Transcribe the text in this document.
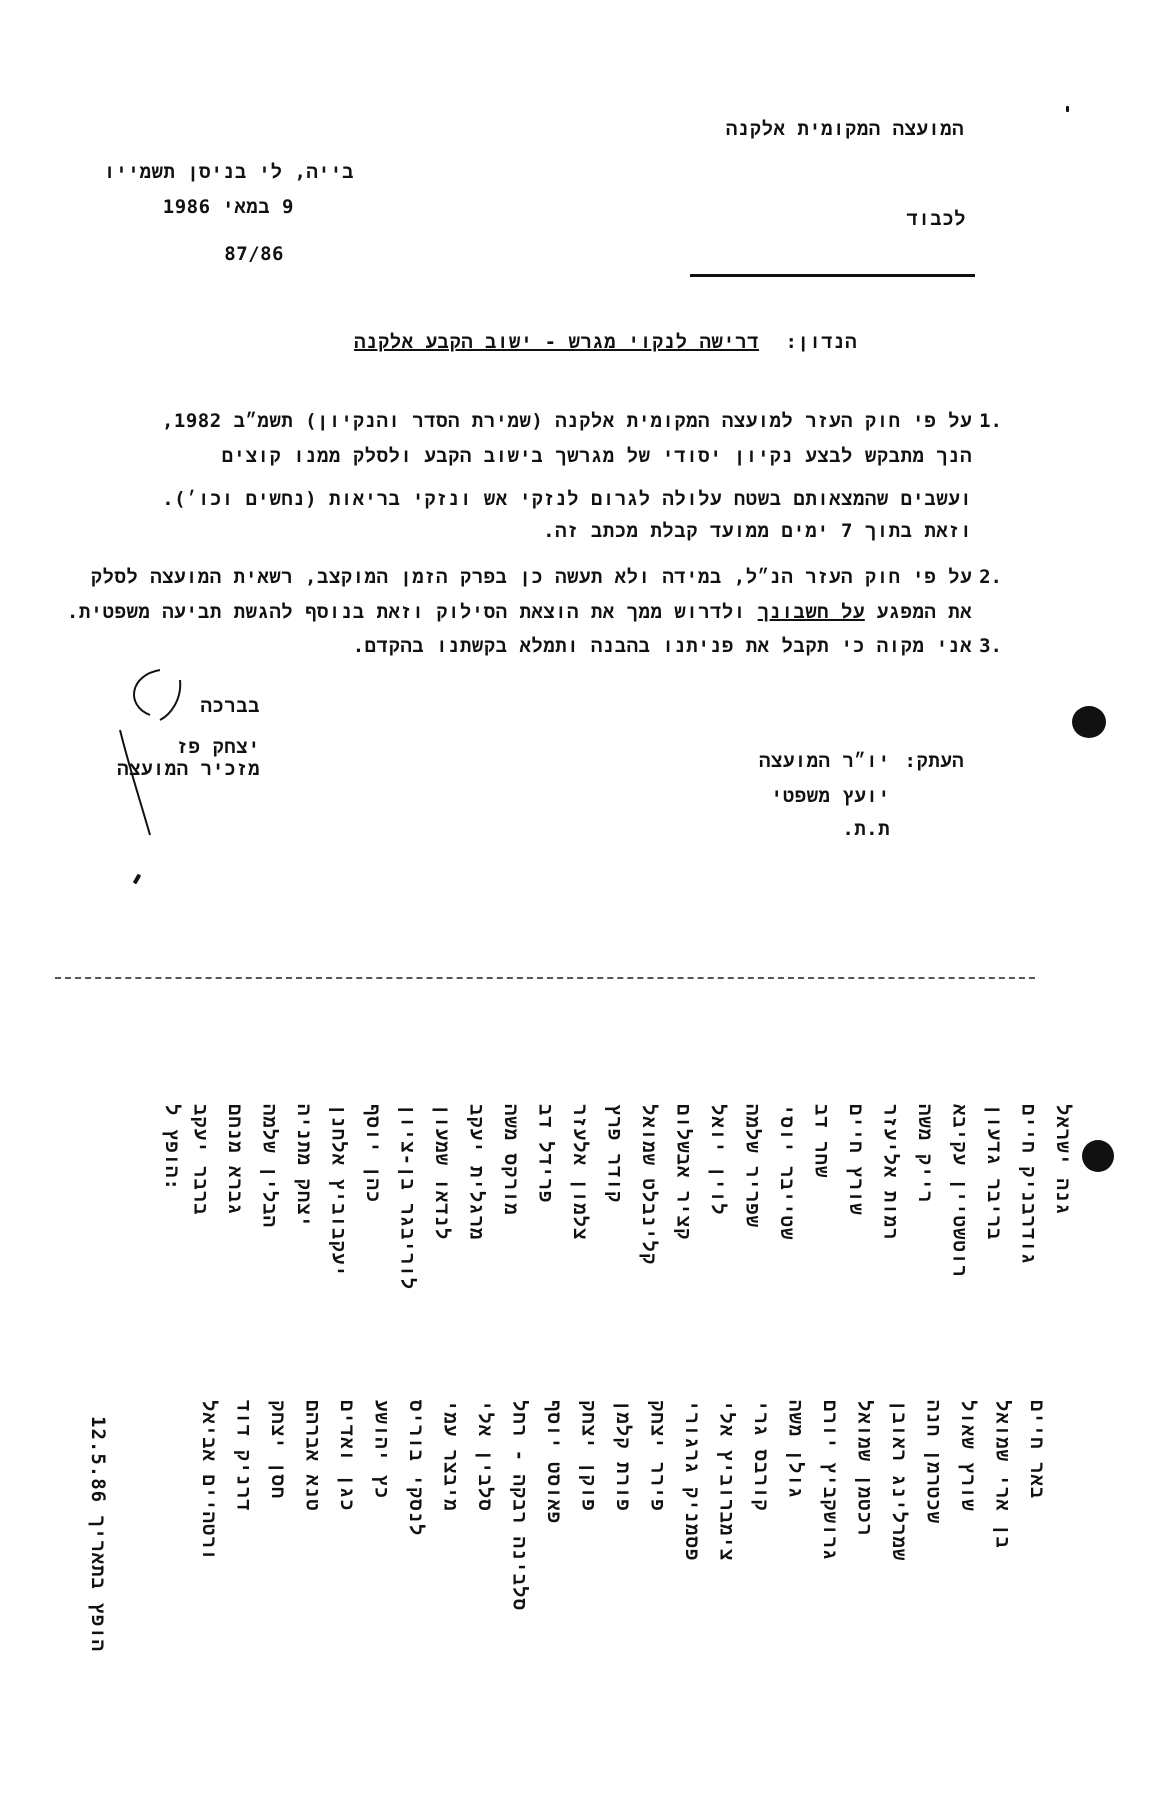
המועצה המקומית אלקנה
בייה, לי בניסן תשמייו
9 במאי 1986
87/86
לכבוד
הנדון:
דרישה לנקוי מגרש - ישוב הקבע אלקנה
1.
על פי חוק העזר למועצה המקומית אלקנה (שמירת הסדר והנקיון) תשמ״ב 1982,
הנך מתבקש לבצע נקיון יסודי של מגרשך בישוב הקבע ולסלק ממנו קוצים
ועשבים שהמצאותם בשטח עלולה לגרום לנזקי אש ונזקי בריאות (נחשים וכו׳).
וזאת בתוך 7 ימים ממועד קבלת מכתב זה.
2.
על פי חוק העזר הנ״ל, במידה ולא תעשה כן בפרק הזמן המוקצב, רשאית המועצה לסלק
את המפגע על חשבונך ולדרוש ממך את הוצאת הסילוק וזאת בנוסף להגשת תביעה משפטית.
3.
אני מקוה כי תקבל את פניתנו בהבנה ותמלא בקשתנו בהקדם.
בברכה
יצחק פז
מזכיר המועצה	העתק:
יו״ר המועצה
יועץ משפטי
ת.ת.
הופץ ל:
הופץ בתאריך 12.5.86
גנה ישראל
גודרבניק חיים
בריבר גדעון
רוטשטיין עקיבא
רייק משה
רמות אליעזר
שורץ חיים
שחר דב
שטייבר יוסי
שפריר שלמה
לוין יואל
קציר אבשלום
קלינבלט שמואל
קודר פרץ
צלמון אלעזר
פרידל דב
מורקס משה
מרגלית יעקב
לנדאו שמעון
לוריבגר בן-ציון
כהן יוסף
יעקבוביץ אלחנן
יצחק מתניה
הבלין שלמה
גברא מנחם
ברבר יעקב
באר חיים
בן ארי שמואל
שורץ שאול
שכטרמן חנה
שמרלינג ראובן
רכטמן שמואל
גרושקביץ יורם
גולן משה
קורבס גרי
צימברוביץ אלי
פסמניק גרגורי
פירר יצחק
פורת קלמן
פוקן יצחק
פאוסט יוסף
סלבינה רבקה - רחל
סלבין אלי
מיבצר עמי
לנסקי בוריס
כץ יהושע
כגן ואדים
טנא אברהם
חסן יצחק
דרניק דוד
ורטהיים אביאל
